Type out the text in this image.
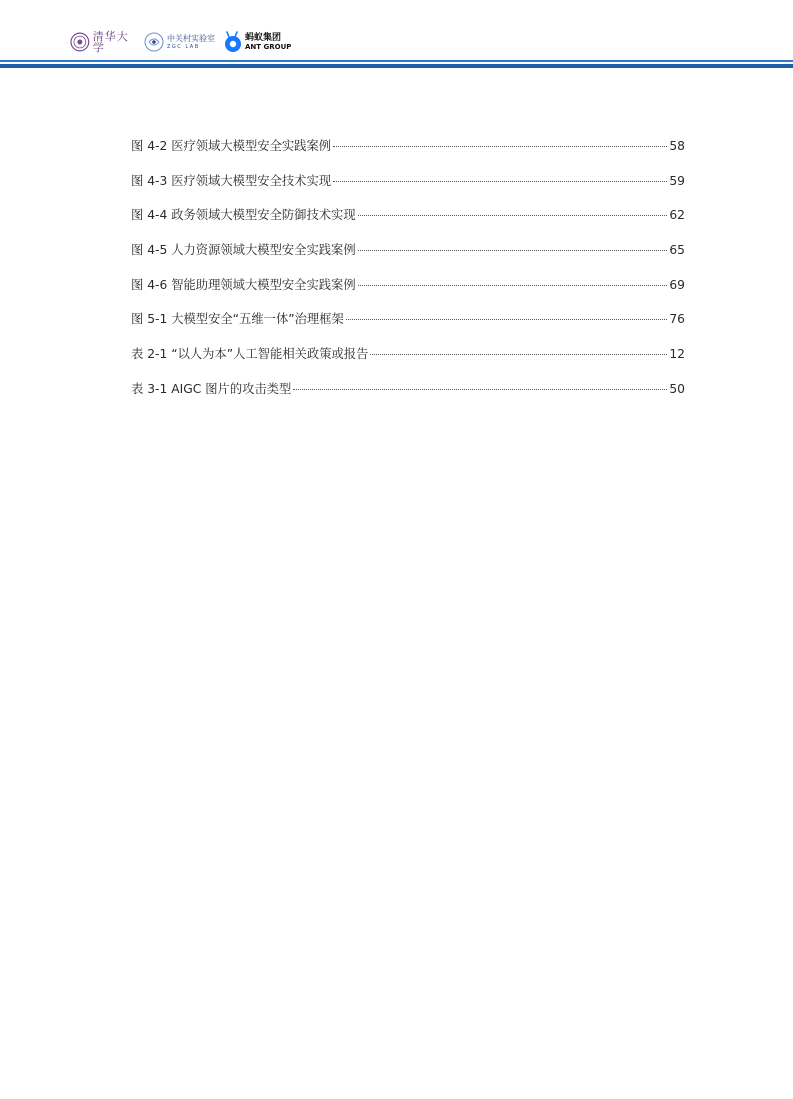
清华大学
中关村实验室
ZGC LAB
蚂蚁集团
ANT GROUP
图 4-2 医疗领域大模型安全实践案例	58
图 4-3 医疗领域大模型安全技术实现	59
图 4-4 政务领域大模型安全防御技术实现	62
图 4-5 人力资源领域大模型安全实践案例	65
图 4-6 智能助理领域大模型安全实践案例	69
图 5-1 大模型安全“五维一体”治理框架	76
表 2-1 “以人为本”人工智能相关政策或报告	12
表 3-1 AIGC 图片的攻击类型	50
